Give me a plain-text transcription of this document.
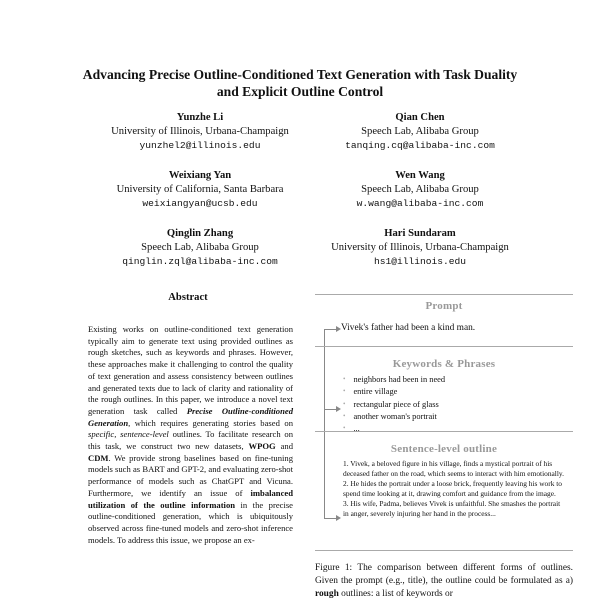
Advancing Precise Outline-Conditioned Text Generation with Task Duality
and Explicit Outline Control
Yunzhe Li
University of Illinois, Urbana-Champaign
yunzhel2@illinois.edu
Qian Chen
Speech Lab, Alibaba Group
tanqing.cq@alibaba-inc.com
Weixiang Yan
University of California, Santa Barbara
weixiangyan@ucsb.edu
Wen Wang
Speech Lab, Alibaba Group
w.wang@alibaba-inc.com
Qinglin Zhang
Speech Lab, Alibaba Group
qinglin.zql@alibaba-inc.com
Hari Sundaram
University of Illinois, Urbana-Champaign
hs1@illinois.edu
Abstract

Existing works on outline-conditioned text generation typically aim to generate text using provided outlines as rough sketches, such as keywords and phrases. However, these approaches make it challenging to control the quality of text generation and assess consistency between outlines and generated texts due to lack of clarity and rationality of the rough outlines. In this paper, we introduce a novel text generation task called Precise Outline-conditioned Generation, which requires generating stories based on specific, sentence-level outlines. To facilitate research on this task, we construct two new datasets, WPOG and CDM. We provide strong baselines based on fine-tuning models such as BART and GPT-2, and evaluating zero-shot performance of models such as ChatGPT and Vicuna. Furthermore, we identify an issue of imbalanced utilization of the outline information in the precise outline-conditioned generation, which is ubiquitously observed across fine-tuned models and zero-shot inference models. To address this issue, we propose an ex-

Prompt
Vivek's father had been a kind man.
Keywords & Phrases
• neighbors had been in need
• entire village
• rectangular piece of glass
• another woman's portrait
• ...
Sentence-level outline
1. Vivek, a beloved figure in his village, finds a mystical portrait of his deceased father on the road, which seems to interact with him emotionally.
2. He hides the portrait under a loose brick, frequently leaving his work to spend time looking at it, drawing comfort and guidance from the image.
3. His wife, Padma, believes Vivek is unfaithful. She smashes the portrait in anger, severely injuring her hand in the process...
Figure 1: The comparison between different forms of outlines. Given the prompt (e.g., title), the outline could be formulated as a) rough outlines: a list of keywords or
